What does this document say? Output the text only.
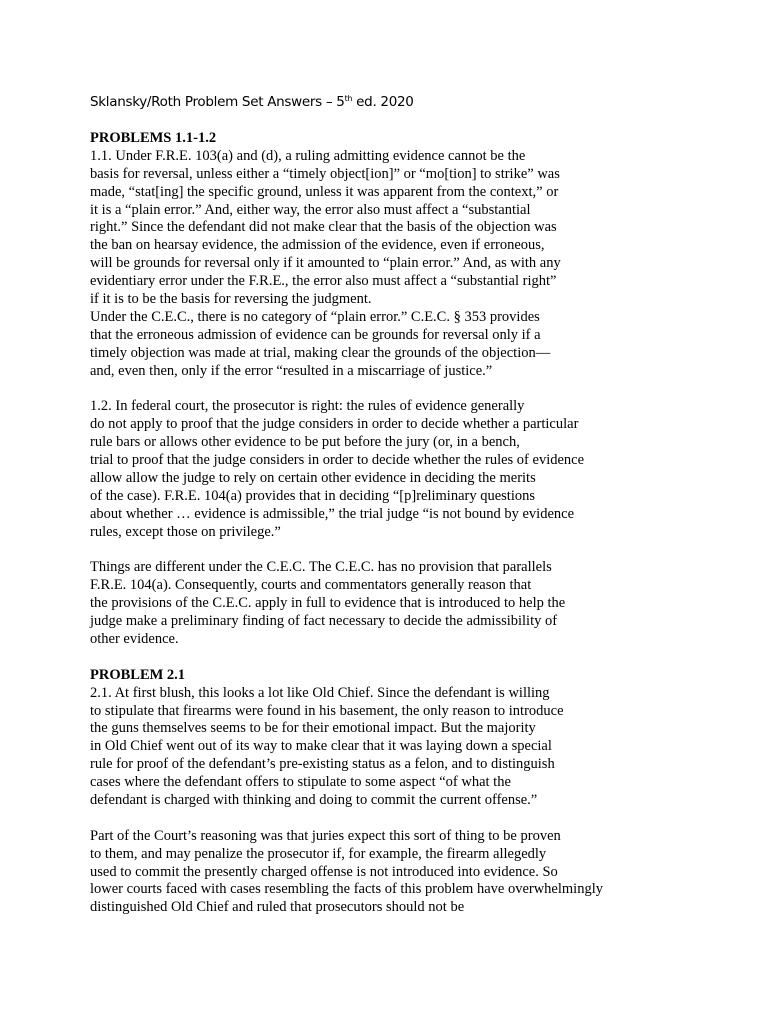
Sklansky/Roth Problem Set Answers – 5th ed. 2020
PROBLEMS 1.1-1.2
1.1. Under F.R.E. 103(a) and (d), a ruling admitting evidence cannot be the
basis for reversal, unless either a “timely object[ion]” or “mo[tion] to strike” was
made, “stat[ing] the specific ground, unless it was apparent from the context,” or
it is a “plain error.” And, either way, the error also must affect a “substantial
right.” Since the defendant did not make clear that the basis of the objection was
the ban on hearsay evidence, the admission of the evidence, even if erroneous,
will be grounds for reversal only if it amounted to “plain error.” And, as with any
evidentiary error under the F.R.E., the error also must affect a “substantial right”
if it is to be the basis for reversing the judgment.
Under the C.E.C., there is no category of “plain error.” C.E.C. § 353 provides
that the erroneous admission of evidence can be grounds for reversal only if a
timely objection was made at trial, making clear the grounds of the objection—
and, even then, only if the error “resulted in a miscarriage of justice.”
1.2. In federal court, the prosecutor is right: the rules of evidence generally
do not apply to proof that the judge considers in order to decide whether a particular
rule bars or allows other evidence to be put before the jury (or, in a bench,
trial to proof that the judge considers in order to decide whether the rules of evidence
allow allow the judge to rely on certain other evidence in deciding the merits
of the case). F.R.E. 104(a) provides that in deciding “[p]reliminary questions
about whether … evidence is admissible,” the trial judge “is not bound by evidence
rules, except those on privilege.”
Things are different under the C.E.C. The C.E.C. has no provision that parallels
F.R.E. 104(a). Consequently, courts and commentators generally reason that
the provisions of the C.E.C. apply in full to evidence that is introduced to help the
judge make a preliminary finding of fact necessary to decide the admissibility of
other evidence.
PROBLEM 2.1
2.1. At first blush, this looks a lot like Old Chief. Since the defendant is willing
to stipulate that firearms were found in his basement, the only reason to introduce
the guns themselves seems to be for their emotional impact. But the majority
in Old Chief went out of its way to make clear that it was laying down a special
rule for proof of the defendant’s pre-existing status as a felon, and to distinguish
cases where the defendant offers to stipulate to some aspect “of what the
defendant is charged with thinking and doing to commit the current offense.”
Part of the Court’s reasoning was that juries expect this sort of thing to be proven
to them, and may penalize the prosecutor if, for example, the firearm allegedly
used to commit the presently charged offense is not introduced into evidence. So
lower courts faced with cases resembling the facts of this problem have overwhelmingly
distinguished Old Chief and ruled that prosecutors should not be
